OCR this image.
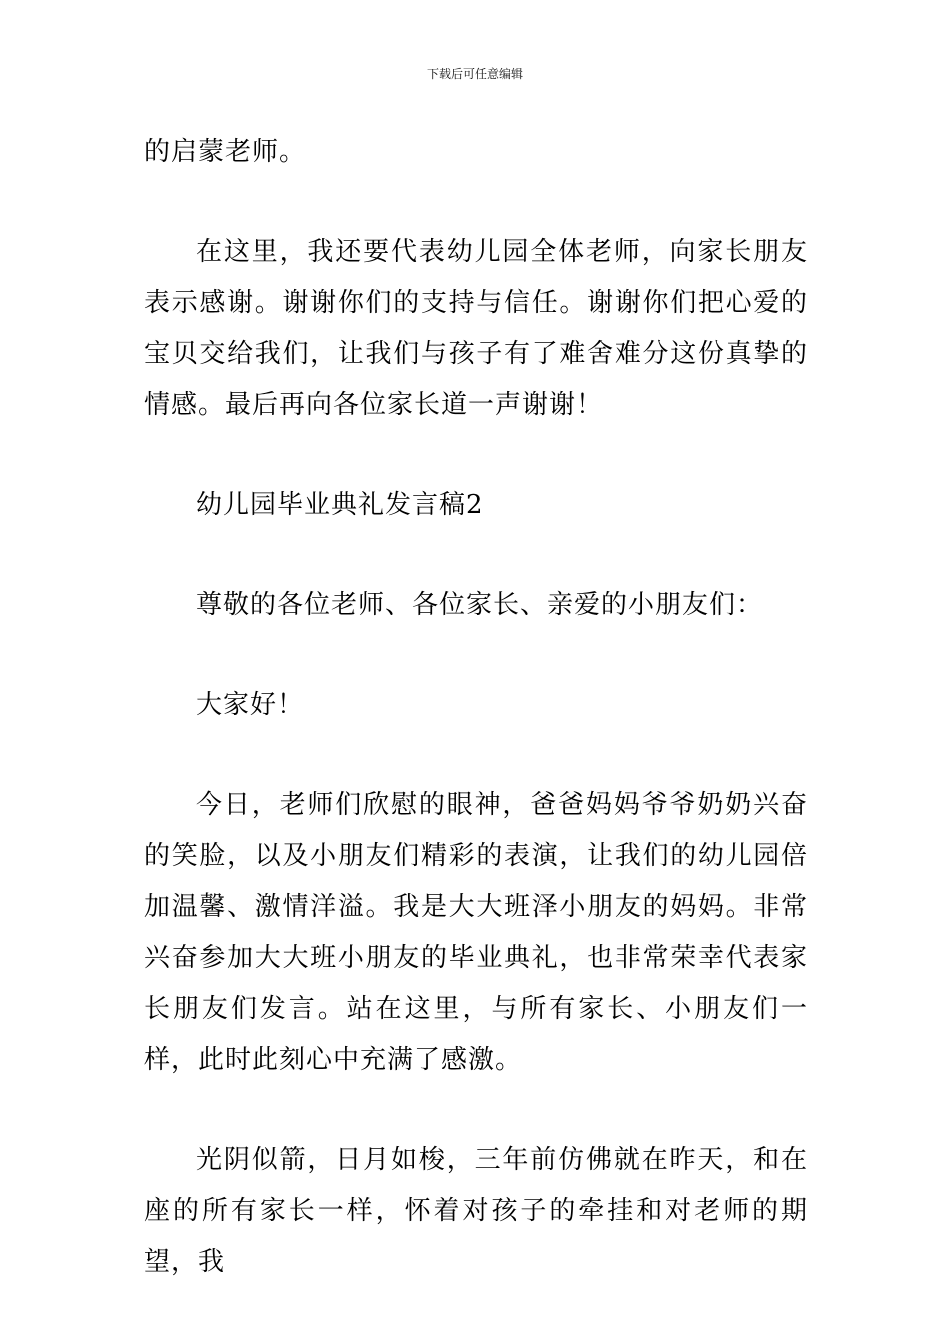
下载后可任意编辑

的启蒙老师。

在这里，我还要代表幼儿园全体老师，向家长朋友表示感谢。谢谢你们的支持与信任。谢谢你们把心爱的宝贝交给我们，让我们与孩子有了难舍难分这份真挚的情感。最后再向各位家长道一声谢谢！

幼儿园毕业典礼发言稿2

尊敬的各位老师、各位家长、亲爱的小朋友们：

大家好！

今日，老师们欣慰的眼神，爸爸妈妈爷爷奶奶兴奋的笑脸，以及小朋友们精彩的表演，让我们的幼儿园倍加温馨、激情洋溢。我是大大班泽小朋友的妈妈。非常兴奋参加大大班小朋友的毕业典礼，也非常荣幸代表家长朋友们发言。站在这里，与所有家长、小朋友们一样，此时此刻心中充满了感激。

光阴似箭，日月如梭，三年前仿佛就在昨天，和在座的所有家长一样，怀着对孩子的牵挂和对老师的期望，我
